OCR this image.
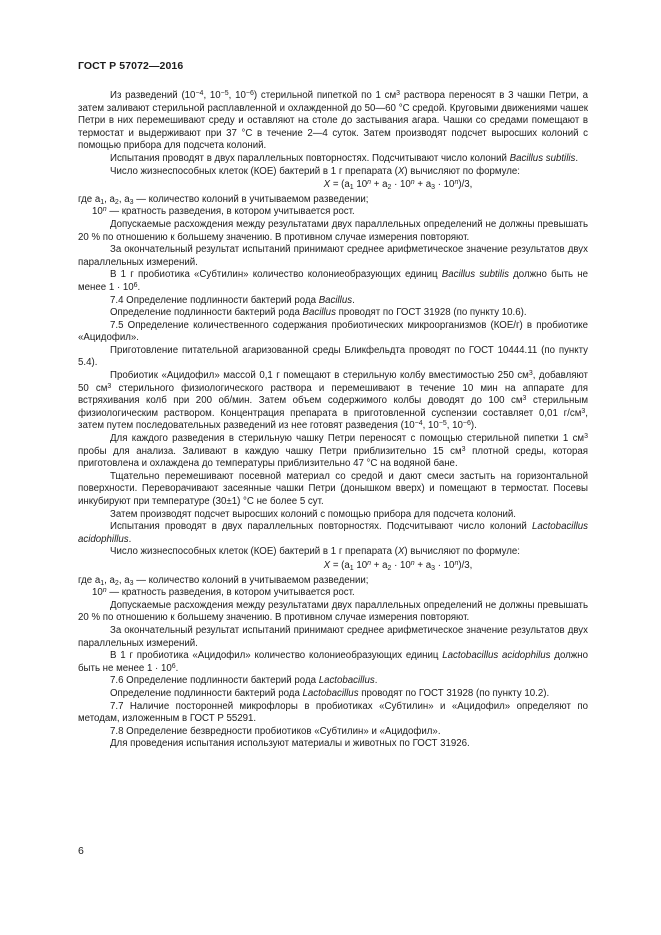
ГОСТ Р 57072—2016

Из разведений ($10^{-4}$, $10^{-5}$, $10^{-6}$) стерильной пипеткой по 1 $см^3$ раствора переносят в 3 чашки Петри, а затем заливают стерильной расплавленной и охлажденной до 50—60 °С средой. Круговыми движениями чашек Петри в них перемешивают среду и оставляют на столе до застывания агара. Чашки со средами помещают в термостат и выдерживают при 37 °С в течение 2—4 суток. Затем производят подсчет выросших колоний с помощью прибора для подсчета колоний.

Испытания проводят в двух параллельных повторностях. Подсчитывают число колоний Bacillus subtilis.

Число жизнеспособных клеток (КОЕ) бактерий в 1 г препарата (X) вычисляют по формуле:

$X = (a_1$ $10^n + a_2 \cdot 10^n + a_3 \cdot 10^n)/3$,

где $a_1$, $a_2$, $a_3$ — количество колоний в учитываемом разведении;

10$^n$ — кратность разведения, в котором учитывается рост.

Допускаемые расхождения между результатами двух параллельных определений не должны превышать 20 % по отношению к большему значению. В противном случае измерения повторяют.

За окончательный результат испытаний принимают среднее арифметическое значение результатов двух параллельных измерений.

В 1 г пробиотика «Субтилин» количество колониеобразующих единиц Bacillus subtilis должно быть не менее $1 \cdot 10^6$.

7.4 Определение подлинности бактерий рода Bacillus.

Определение подлинности бактерий рода Bacillus проводят по ГОСТ 31928 (по пункту 10.6).

7.5 Определение количественного содержания пробиотических микроорганизмов (КОЕ/г) в пробиотике «Ацидофил».

Приготовление питательной агаризованной среды Бликфельдта проводят по ГОСТ 10444.11 (по пункту 5.4).

Пробиотик «Ацидофил» массой 0,1 г помещают в стерильную колбу вместимостью 250 $см^3$, добавляют 50 $см^3$ стерильного физиологического раствора и перемешивают в течение 10 мин на аппарате для встряхивания колб при 200 об/мин. Затем объем содержимого колбы доводят до 100 $см^3$ стерильным физиологическим раствором. Концентрация препарата в приготовленной суспензии составляет 0,01 $г/см^3$, затем путем последовательных разведений из нее готовят разведения ($10^{-4}$, $10^{-5}$, $10^{-6}$).

Для каждого разведения в стерильную чашку Петри переносят с помощью стерильной пипетки 1 $см^3$ пробы для анализа. Заливают в каждую чашку Петри приблизительно 15 $см^3$ плотной среды, которая приготовлена и охлаждена до температуры приблизительно 47 °С на водяной бане.

Тщательно перемешивают посевной материал со средой и дают смеси застыть на горизонтальной поверхности. Переворачивают засеянные чашки Петри (донышком вверх) и помещают в термостат. Посевы инкубируют при температуре (30±1) °С не более 5 сут.

Затем производят подсчет выросших колоний с помощью прибора для подсчета колоний.

Испытания проводят в двух параллельных повторностях. Подсчитывают число колоний Lactobacillus acidophillus.

Число жизнеспособных клеток (КОЕ) бактерий в 1 г препарата (X) вычисляют по формуле:

$X = (a_1$ $10^n + a_2 \cdot 10^n + a_3 \cdot 10^n)/3$,

где $a_1$, $a_2$, $a_3$ — количество колоний в учитываемом разведении;

10$^n$ — кратность разведения, в котором учитывается рост.

Допускаемые расхождения между результатами двух параллельных определений не должны превышать 20 % по отношению к большему значению. В противном случае измерения повторяют.

За окончательный результат испытаний принимают среднее арифметическое значение результатов двух параллельных измерений.

В 1 г пробиотика «Ацидофил» количество колониеобразующих единиц Lactobacillus acidophilus должно быть не менее $1 \cdot 10^6$.

7.6 Определение подлинности бактерий рода Lactobacillus.

Определение подлинности бактерий рода Lactobacillus проводят по ГОСТ 31928 (по пункту 10.2).

7.7 Наличие посторонней микрофлоры в пробиотиках «Субтилин» и «Ацидофил» определяют по методам, изложенным в ГОСТ Р 55291.

7.8 Определение безвредности пробиотиков «Субтилин» и «Ацидофил».

Для проведения испытания используют материалы и животных по ГОСТ 31926.

6
